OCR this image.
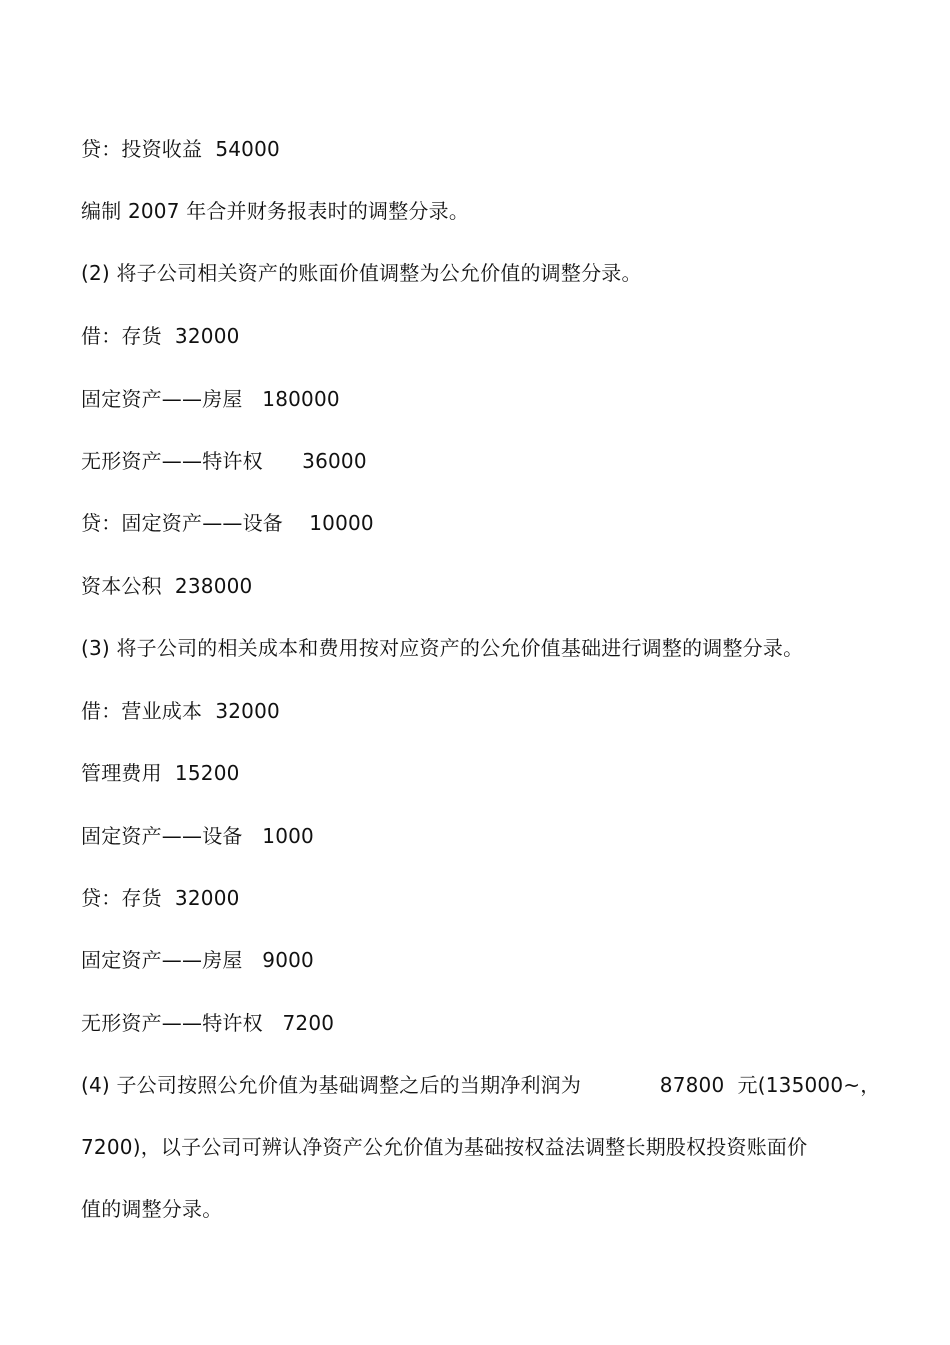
贷：投资收益  54000
编制 2007 年合并财务报表时的调整分录。
(2) 将子公司相关资产的账面价值调整为公允价值的调整分录。
借：存货  32000
固定资产——房屋   180000
无形资产——特许权      36000
贷：固定资产——设备    10000
资本公积  238000
(3) 将子公司的相关成本和费用按对应资产的公允价值基础进行调整的调整分录。
借：营业成本  32000
管理费用  15200
固定资产——设备   1000
贷：存货  32000
固定资产——房屋   9000
无形资产——特许权   7200
(4) 子公司按照公允价值为基础调整之后的当期净利润为            87800  元(135000~，
7200)，以子公司可辨认净资产公允价值为基础按权益法调整长期股权投资账面价
值的调整分录。
